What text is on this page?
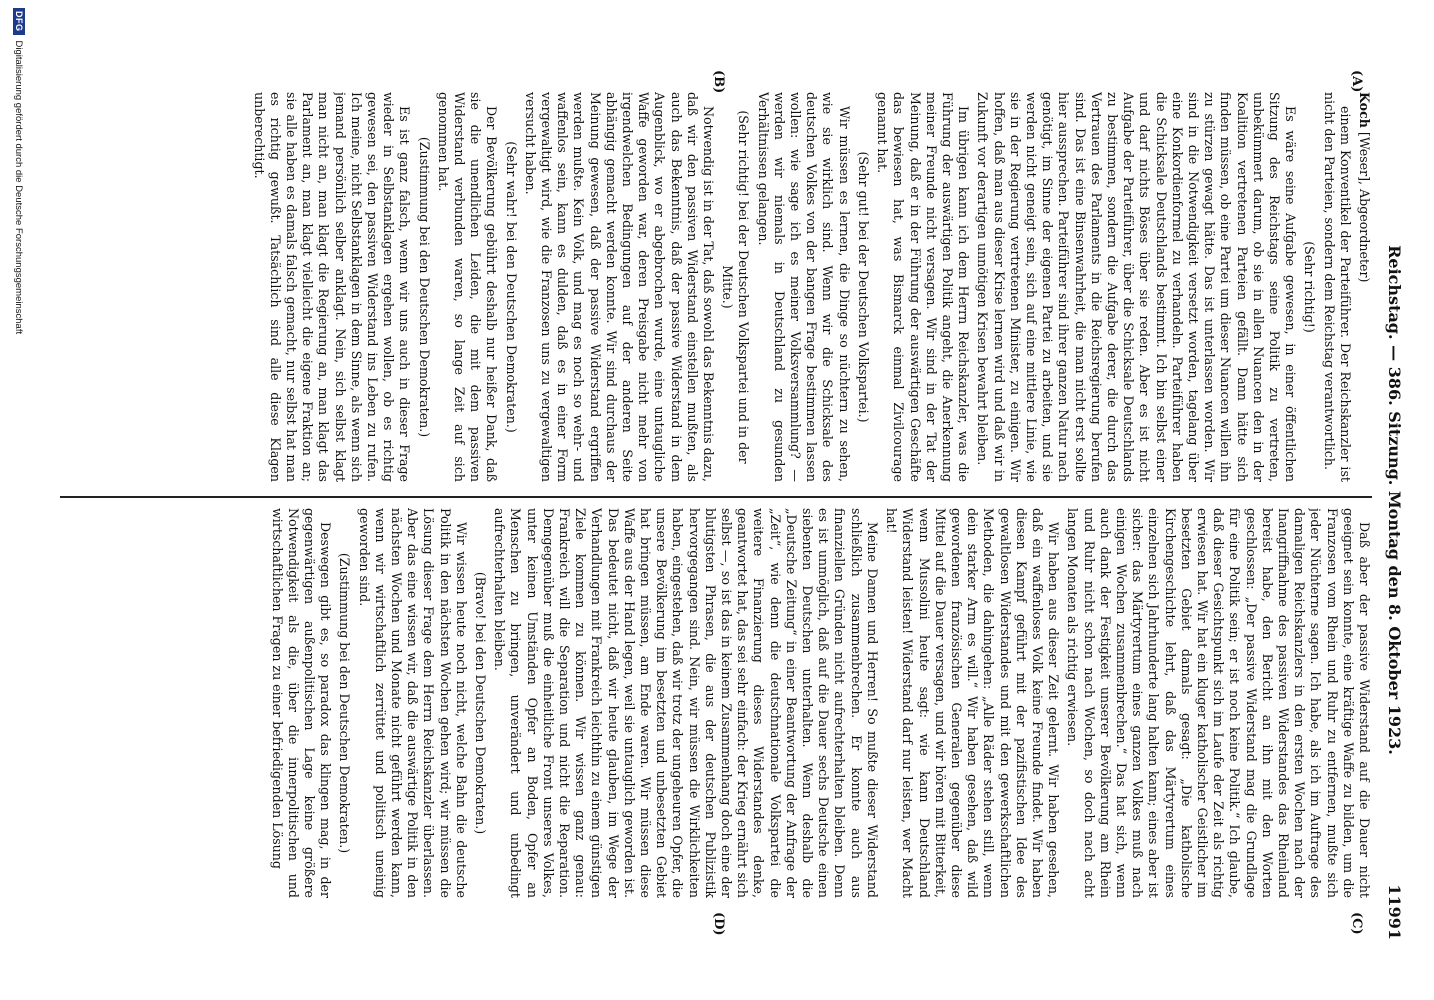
Reichstag. — 386. Sitzung. Montag den 8. Oktober 1923.
11991
(A)
(B)
(C)
(D)

Koch [Weser], Abgeordneter)

einem Konventikel der Parteiführer. Der Reichskanzler ist nicht den Parteien, sondern dem Reichstag verantwortlich.

(Sehr richtig!)

Es wäre seine Aufgabe gewesen, in einer öffentlichen Sitzung des Reichstags seine Politik zu vertreten, unbekümmert darum, ob sie in allen Nuancen den in der Koalition vertretenen Parteien gefällt. Dann hätte sich finden müssen, ob eine Partei um dieser Nuancen willen ihn zu stürzen gewagt hätte. Das ist unterlassen worden. Wir sind in die Notwendigkeit versetzt worden, tagelang über eine Konkordienformel zu verhandeln. Parteiführer haben die Schicksale Deutschlands bestimmt. Ich bin selbst einer und darf nichts Böses über sie reden. Aber es ist nicht Aufgabe der Parteiführer, über die Schicksale Deutschlands zu bestimmen, sondern die Aufgabe derer, die durch das Vertrauen des Parlaments in die Reichsregierung berufen sind. Das ist eine Binsenwahrheit, die man nicht erst sollte hier aussprechen. Parteiführer sind ihrer ganzen Natur nach genötigt, im Sinne der eigenen Partei zu arbeiten, und sie werden nicht geneigt sein, sich auf eine mittlere Linie, wie sie in der Regierung vertretenen Minister, zu einigen. Wir hoffen, daß man aus dieser Krise lernen wird und daß wir in Zukunft vor derartigen unnötigen Krisen bewahrt bleiben.

Im übrigen kann ich dem Herrn Reichskanzler, was die Führung der auswärtigen Politik angeht, die Anerkennung meiner Freunde nicht versagen. Wir sind in der Tat der Meinung, daß er in der Führung der auswärtigen Geschäfte das bewiesen hat, was Bismarck einmal Zivilcourage genannt hat.

(Sehr gut! bei der Deutschen Volkspartei.)

Wir müssen es lernen, die Dinge so nüchtern zu sehen, wie sie wirklich sind. Wenn wir die Schicksale des deutschen Volkes von der bangen Frage bestimmen lassen wollen: wie sage ich es meiner Volksversammlung? — werden wir niemals in Deutschland zu gesunden Verhältnissen gelangen.

(Sehr richtig! bei der Deutschen Volkspartei und in der Mitte.)

Notwendig ist in der Tat, daß sowohl das Bekenntnis dazu, daß wir den passiven Widerstand einstellen mußten, als auch das Bekenntnis, daß der passive Widerstand in dem Augenblick, wo er abgebrochen wurde, eine untaugliche Waffe geworden war, deren Preisgabe nicht mehr von irgendwelchen Bedingungen auf der anderen Seite abhängig gemacht werden konnte. Wir sind durchaus der Meinung gewesen, daß der passive Widerstand ergriffen werden mußte. Kein Volk, und mag es noch so wehr- und waffenlos sein, kann es dulden, daß es in einer Form vergewaltigt wird, wie die Franzosen uns zu vergewaltigen versucht haben.

(Sehr wahr! bei den Deutschen Demokraten.)

Der Bevölkerung gebührt deshalb nur heißer Dank, daß sie die unendlichen Leiden, die mit dem passiven Widerstand verbunden waren, so lange Zeit auf sich genommen hat.

(Zustimmung bei den Deutschen Demokraten.)

Es ist ganz falsch, wenn wir uns auch in dieser Frage wieder in Selbstanklagen ergehen wollen, ob es richtig gewesen sei, den passiven Widerstand ins Leben zu rufen. Ich meine, nicht Selbstanklagen in dem Sinne, als wenn sich jemand persönlich selber anklagt. Nein, sich selbst klagt man nicht an, man klagt die Regierung an, man klagt das Parlament an, man klagt vielleicht die eigene Fraktion an; sie alle haben es damals falsch gemacht, nur selbst hat man es richtig gewußt. Tatsächlich sind alle diese Klagen unberechtigt.

Daß aber der passive Widerstand auf die Dauer nicht geeignet sein konnte, eine kräftige Waffe zu bilden, um die Franzosen vom Rhein und Ruhr zu entfernen, mußte sich jeder Nüchterne sagen. Ich habe, als ich im Auftrage des damaligen Reichskanzlers in den ersten Wochen nach der Inangriffnahme des passiven Widerstandes das Rheinland bereist habe, den Bericht an ihn mit den Worten geschlossen: „Der passive Widerstand mag die Grundlage für eine Politik sein; er ist noch keine Politik.“ Ich glaube, daß dieser Gesichtspunkt sich im Laufe der Zeit als richtig erwiesen hat. Wir hat ein kluger katholischer Geistlicher im besetzten Gebiet damals gesagt: „Die katholische Kirchengeschichte lehrt, daß das Märtyrertum eines einzelnen sich Jahrhunderte lang halten kann; eines aber ist sicher: das Märtyrertum eines ganzen Volkes muß nach einigen Wochen zusammenbrechen.“ Das hat sich, wenn auch dank der Festigkeit unserer Bevölkerung am Rhein und Ruhr nicht schon nach Wochen, so doch nach acht langen Monaten als richtig erwiesen.

Wir haben aus dieser Zeit gelernt. Wir haben gesehen, daß ein waffenloses Volk keine Freunde findet. Wir haben diesen Kampf geführt mit der pazifistischen Idee des gewaltlosen Widerstandes und mit den gewerkschaftlichen Methoden, die dahingehen: „Alle Räder stehen still, wenn dein starker Arm es will.“ Wir haben gesehen, daß wild gewordenen französischen Generalen gegenüber diese Mittel auf die Dauer versagen, und wir hören mit Bitterkeit, wenn Mussolini heute sagt: wie kann Deutschland Widerstand leisten! Widerstand darf nur leisten, wer Macht hat!

Meine Damen und Herren! So mußte dieser Widerstand schließlich zusammenbrechen. Er konnte auch aus finanziellen Gründen nicht aufrechterhalten bleiben. Denn es ist unmöglich, daß auf die Dauer sechs Deutsche einen siebenten Deutschen unterhalten. Wenn deshalb die „Deutsche Zeitung“ in einer Beantwortung der Anfrage der „Zeit“, wie denn die deutschnationale Volkspartei die weitere Finanzierung dieses Widerstandes denke, geantwortet hat, das sei sehr einfach: der Krieg ernährt sich selbst —, so ist das in keinem Zusammenhang doch eine der blutigsten Phrasen, die aus der deutschen Publizistik hervorgegangen sind. Nein, wir müssen die Wirklichkeiten haben, eingestehen, daß wir trotz der ungeheuren Opfer, die unsere Bevölkerung im besetzten und unbesetzten Gebiet hat bringen müssen, am Ende waren. Wir müssen diese Waffe aus der Hand legen, weil sie untauglich geworden ist. Das bedeutet nicht, daß wir heute glauben, im Wege der Verhandlungen mit Frankreich leichthin zu einem günstigen Ziele kommen zu können. Wir wissen ganz genau: Frankreich will die Separation und nicht die Reparation. Demgegenüber muß die einheitliche Front unseres Volkes, unter keinen Umständen Opfer an Boden, Opfer an Menschen zu bringen, unverändert und unbedingt aufrechterhalten bleiben.

(Bravo! bei den Deutschen Demokraten.)

Wir wissen heute noch nicht, welche Bahn die deutsche Politik in den nächsten Wochen gehen wird; wir müssen die Lösung dieser Frage dem Herrn Reichskanzler überlassen. Aber das eine wissen wir, daß die auswärtige Politik in den nächsten Wochen und Monate nicht geführt werden kann, wenn wir wirtschaftlich zerrüttet und politisch uneinig geworden sind.

(Zustimmung bei den Deutschen Demokraten.)

Deswegen gibt es, so paradox das klingen mag, in der gegenwärtigen außenpolitischen Lage keine größere Notwendigkeit als die, über die innerpolitischen und wirtschaftlichen Fragen zu einer befriedigenden Lösung

DFG
Digitalisierung gefördert durch die Deutsche Forschungsgemeinschaft
